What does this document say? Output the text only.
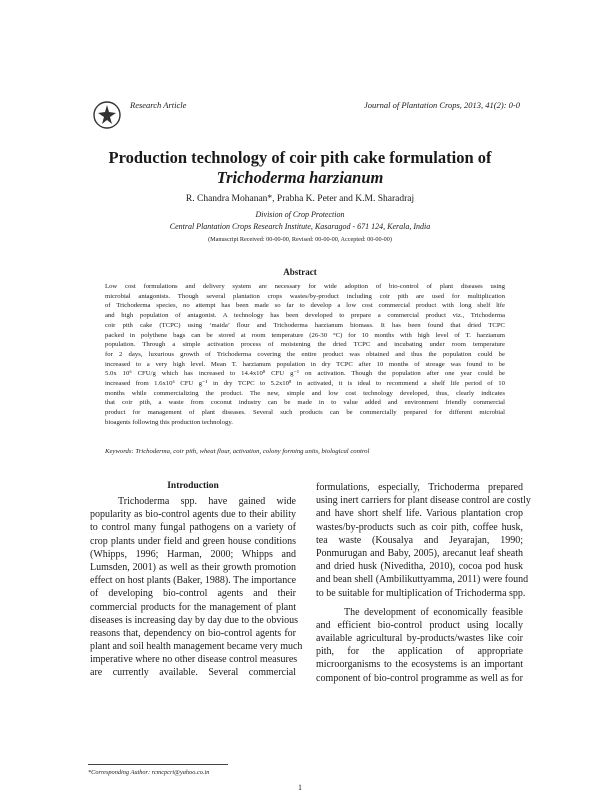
Research Article	Journal of Plantation Crops, 2013, 41(2): 0-0
Production technology of coir pith cake formulation of
Trichoderma harzianum
R. Chandra Mohanan*, Prabha K. Peter and K.M. Sharadraj
Division of Crop Protection
Central Plantation Crops Research Institute, Kasaragod - 671 124, Kerala, India
(Manuscript Received: 00-00-00, Revised: 00-00-00, Accepted: 00-00-00)
Abstract
Low cost formulations and delivery system are necessary for wide adoption of bio-control of plant diseases using
microbial antagonists. Though several plantation crops wastes/by-product including coir pith are used for multiplication
of Trichoderma species, no attempt has been made so far to develop a low cost commercial product with long shelf life
and high population of antagonist. A technology has been developed to prepare a commercial product viz., Trichoderma
coir pith cake (TCPC) using ‘maida’ flour and Trichoderma harzianum biomass. It has been found that dried TCPC
packed in polythene bags can be stored at room temperature (26-30 °C) for 10 months with high level of T. harzianum
population. Through a simple activation process of moistening the dried TCPC and incubating under room temperature
for 2 days, luxurious growth of Trichoderma covering the entire product was obtained and thus the population could be
increased to a very high level. Mean T. harzianum population in dry TCPC after 10 months of storage was found to be
5.0x 10⁶ CFU/g which has increased to 14.4x10⁸ CFU g⁻¹ on activation. Though the population after one year could be
increased from 1.6x10⁶ CFU g⁻¹ in dry TCPC to 5.2x10⁸ in activated, it is ideal to recommend a shelf life period of 10
months while commercializing the product. The new, simple and low cost technology developed, thus, clearly indicates
that coir pith, a waste from coconut industry can be made in to value added and environment friendly commercial
product for management of plant diseases. Several such products can be commercially prepared for different microbial
bioagents following this production technology.
Keywords: Trichoderma, coir pith, wheat flour, activation, colony forming units, biological control
Introduction
Trichoderma spp. have gained wide
popularity as bio-control agents due to their ability
to control many fungal pathogens on a variety of
crop plants under field and green house conditions
(Whipps, 1996; Harman, 2000; Whipps and
Lumsden, 2001) as well as their growth promotion
effect on host plants (Baker, 1988). The importance
of developing bio-control agents and their
commercial products for the management of plant
diseases is increasing day by day due to the obvious
reasons that, dependency on bio-control agents for
plant and soil health management became very much
imperative where no other disease control measures
are currently available. Several commercial
formulations, especially, Trichoderma prepared
using inert carriers for plant disease control are costly
and have short shelf life. Various plantation crop
wastes/by-products such as coir pith, coffee husk,
tea waste (Kousalya and Jeyarajan, 1990;
Ponmurugan and Baby, 2005), arecanut leaf sheath
and dried husk (Niveditha, 2010), cocoa pod husk
and bean shell (Ambilikuttyamma, 2011) were found
to be suitable for multiplication of Trichoderma spp.
The development of economically feasible
and efficient bio-control product using locally
available agricultural by-products/wastes like coir
pith, for the application of appropriate
microorganisms to the ecosystems is an important
component of bio-control programme as well as for
*Corresponding Author: rcmcpcri@yahoo.co.in
1
